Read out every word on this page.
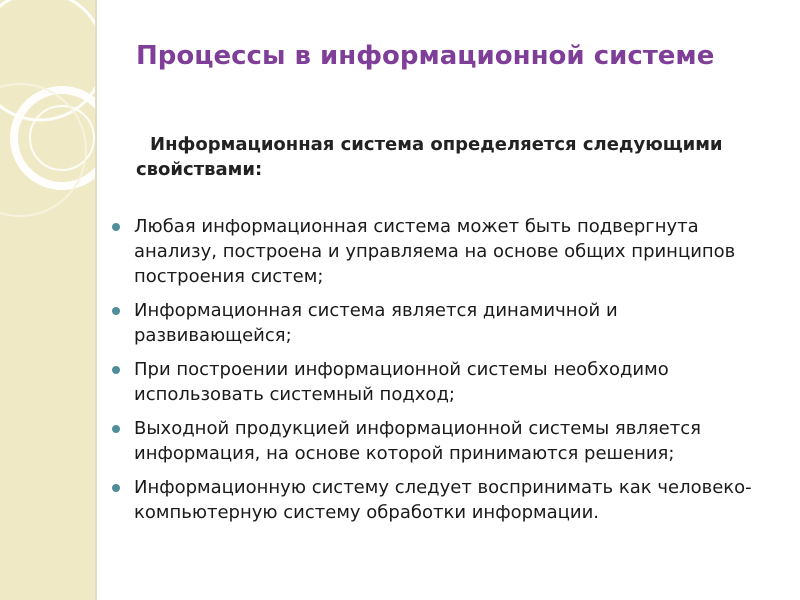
Процессы в информационной системе

Информационная система определяется следующими свойствами:

Любая информационная система может быть подвергнута анализу, построена и управляема на основе общих принципов построения систем;
Информационная система является динамичной и развивающейся;
При построении информационной системы необходимо использовать системный подход;
Выходной продукцией информационной системы является информация, на основе которой принимаются решения;
Информационную систему следует воспринимать как человеко-компьютерную систему обработки информации.
